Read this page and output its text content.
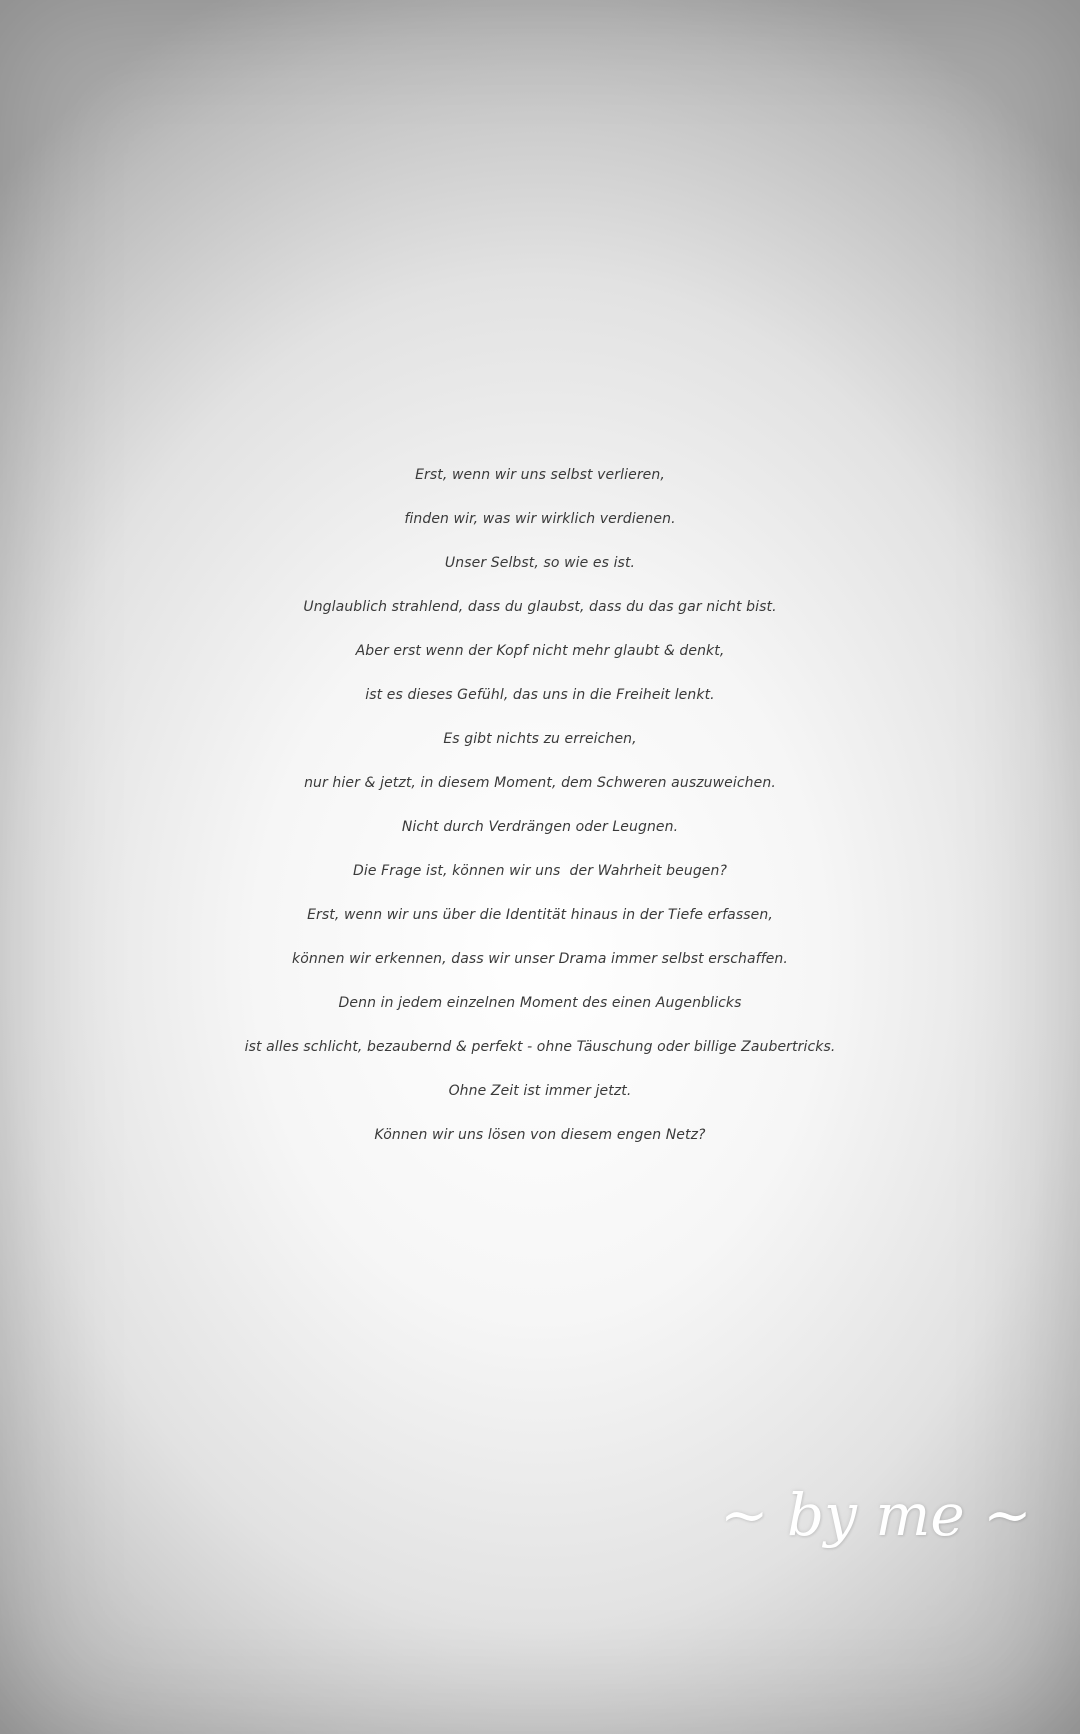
Erst, wenn wir uns selbst verlieren,
finden wir, was wir wirklich verdienen.
Unser Selbst, so wie es ist.
Unglaublich strahlend, dass du glaubst, dass du das gar nicht bist.
Aber erst wenn der Kopf nicht mehr glaubt & denkt,
ist es dieses Gefühl, das uns in die Freiheit lenkt.
Es gibt nichts zu erreichen,
nur hier & jetzt, in diesem Moment, dem Schweren auszuweichen.
Nicht durch Verdrängen oder Leugnen.
Die Frage ist, können wir uns  der Wahrheit beugen?
Erst, wenn wir uns über die Identität hinaus in der Tiefe erfassen,
können wir erkennen, dass wir unser Drama immer selbst erschaffen.
Denn in jedem einzelnen Moment des einen Augenblicks
ist alles schlicht, bezaubernd & perfekt - ohne Täuschung oder billige Zaubertricks.
Ohne Zeit ist immer jetzt.
Können wir uns lösen von diesem engen Netz?
~ by me ~
